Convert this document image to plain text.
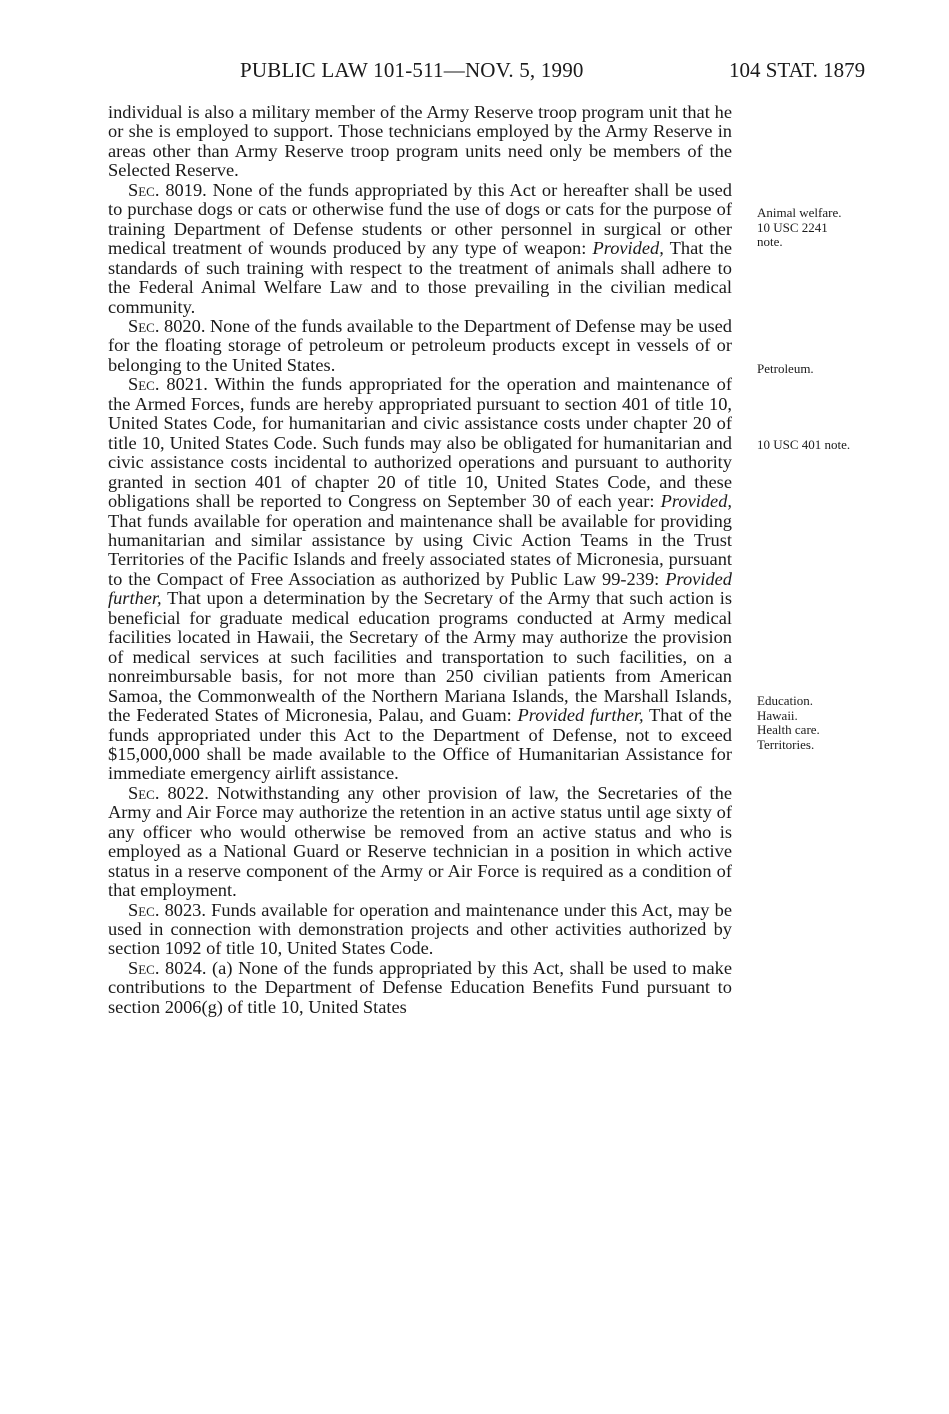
PUBLIC LAW 101-511—NOV. 5, 1990	104 STAT. 1879

individual is also a military member of the Army Reserve troop program unit that he or she is employed to support. Those technicians employed by the Army Reserve in areas other than Army Reserve troop program units need only be members of the Selected Reserve.

Sec. 8019. None of the funds appropriated by this Act or hereafter shall be used to purchase dogs or cats or otherwise fund the use of dogs or cats for the purpose of training Department of Defense students or other personnel in surgical or other medical treatment of wounds produced by any type of weapon: Provided, That the standards of such training with respect to the treatment of animals shall adhere to the Federal Animal Welfare Law and to those prevailing in the civilian medical community.

Sec. 8020. None of the funds available to the Department of Defense may be used for the floating storage of petroleum or petroleum products except in vessels of or belonging to the United States.

Sec. 8021. Within the funds appropriated for the operation and maintenance of the Armed Forces, funds are hereby appropriated pursuant to section 401 of title 10, United States Code, for humanitarian and civic assistance costs under chapter 20 of title 10, United States Code. Such funds may also be obligated for humanitarian and civic assistance costs incidental to authorized operations and pursuant to authority granted in section 401 of chapter 20 of title 10, United States Code, and these obligations shall be reported to Congress on September 30 of each year: Provided, That funds available for operation and maintenance shall be available for providing humanitarian and similar assistance by using Civic Action Teams in the Trust Territories of the Pacific Islands and freely associated states of Micronesia, pursuant to the Compact of Free Association as authorized by Public Law 99-239: Provided further, That upon a determination by the Secretary of the Army that such action is beneficial for graduate medical education programs conducted at Army medical facilities located in Hawaii, the Secretary of the Army may authorize the provision of medical services at such facilities and transportation to such facilities, on a nonreimbursable basis, for not more than 250 civilian patients from American Samoa, the Commonwealth of the Northern Mariana Islands, the Marshall Islands, the Federated States of Micronesia, Palau, and Guam: Provided further, That of the funds appropriated under this Act to the Department of Defense, not to exceed $15,000,000 shall be made available to the Office of Humanitarian Assistance for immediate emergency airlift assistance.

Sec. 8022. Notwithstanding any other provision of law, the Secretaries of the Army and Air Force may authorize the retention in an active status until age sixty of any officer who would otherwise be removed from an active status and who is employed as a National Guard or Reserve technician in a position in which active status in a reserve component of the Army or Air Force is required as a condition of that employment.

Sec. 8023. Funds available for operation and maintenance under this Act, may be used in connection with demonstration projects and other activities authorized by section 1092 of title 10, United States Code.

Sec. 8024. (a) None of the funds appropriated by this Act, shall be used to make contributions to the Department of Defense Education Benefits Fund pursuant to section 2006(g) of title 10, United States

Animal welfare.
10 USC 2241
note.
Petroleum.
10 USC 401 note.
Education.
Hawaii.
Health care.
Territories.
